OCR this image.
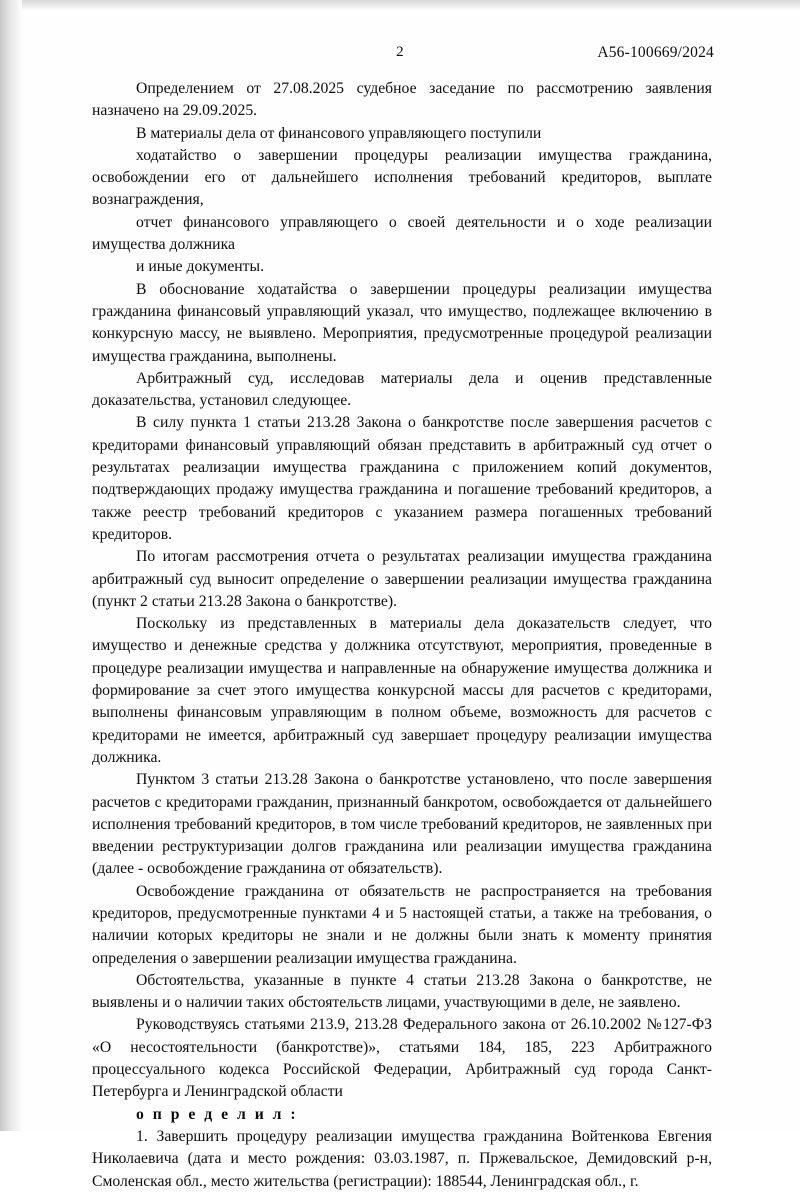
2	А56-100669/2024

Определением от 27.08.2025 судебное заседание по рассмотрению заявления назначено на 29.09.2025.

В материалы дела от финансового управляющего поступили

ходатайство о завершении процедуры реализации имущества гражданина, освобождении его от дальнейшего исполнения требований кредиторов, выплате вознаграждения,

отчет финансового управляющего о своей деятельности и о ходе реализации имущества должника

и иные документы.

В обоснование ходатайства о завершении процедуры реализации имущества гражданина финансовый управляющий указал, что имущество, подлежащее включению в конкурсную массу, не выявлено. Мероприятия, предусмотренные процедурой реализации имущества гражданина, выполнены.

Арбитражный суд, исследовав материалы дела и оценив представленные доказательства, установил следующее.

В силу пункта 1 статьи 213.28 Закона о банкротстве после завершения расчетов с кредиторами финансовый управляющий обязан представить в арбитражный суд отчет о результатах реализации имущества гражданина с приложением копий документов, подтверждающих продажу имущества гражданина и погашение требований кредиторов, а также реестр требований кредиторов с указанием размера погашенных требований кредиторов.

По итогам рассмотрения отчета о результатах реализации имущества гражданина арбитражный суд выносит определение о завершении реализации имущества гражданина (пункт 2 статьи 213.28 Закона о банкротстве).

Поскольку из представленных в материалы дела доказательств следует, что имущество и денежные средства у должника отсутствуют, мероприятия, проведенные в процедуре реализации имущества и направленные на обнаружение имущества должника и формирование за счет этого имущества конкурсной массы для расчетов с кредиторами, выполнены финансовым управляющим в полном объеме, возможность для расчетов с кредиторами не имеется, арбитражный суд завершает процедуру реализации имущества должника.

Пунктом 3 статьи 213.28 Закона о банкротстве установлено, что после завершения расчетов с кредиторами гражданин, признанный банкротом, освобождается от дальнейшего исполнения требований кредиторов, в том числе требований кредиторов, не заявленных при введении реструктуризации долгов гражданина или реализации имущества гражданина (далее - освобождение гражданина от обязательств).

Освобождение гражданина от обязательств не распространяется на требования кредиторов, предусмотренные пунктами 4 и 5 настоящей статьи, а также на требования, о наличии которых кредиторы не знали и не должны были знать к моменту принятия определения о завершении реализации имущества гражданина.

Обстоятельства, указанные в пункте 4 статьи 213.28 Закона о банкротстве, не выявлены и о наличии таких обстоятельств лицами, участвующими в деле, не заявлено.

Руководствуясь статьями 213.9, 213.28 Федерального закона от 26.10.2002 №127-ФЗ «О несостоятельности (банкротстве)», статьями 184, 185, 223 Арбитражного процессуального кодекса Российской Федерации, Арбитражный суд города Санкт-Петербурга и Ленинградской области

о п р е д е л и л :

1. Завершить процедуру реализации имущества гражданина Войтенкова Евгения Николаевича (дата и место рождения: 03.03.1987, п. Пржевальское, Демидовский р-н, Смоленская обл., место жительства (регистрации): 188544, Ленинградская обл., г.
